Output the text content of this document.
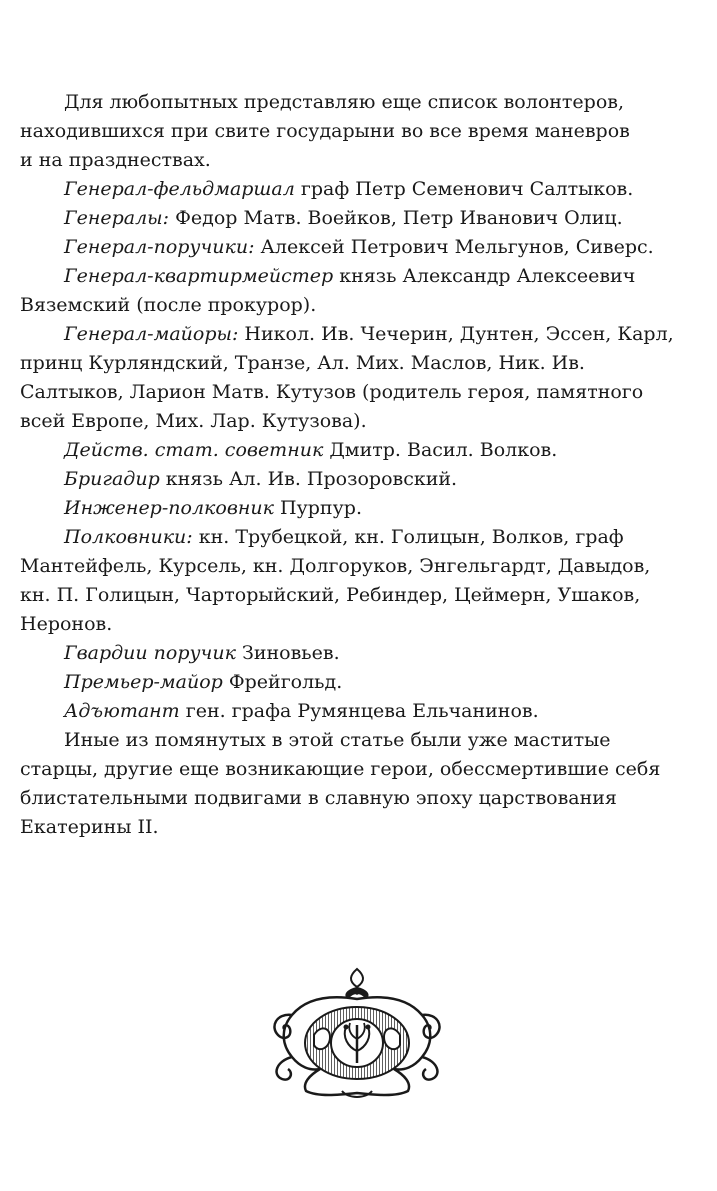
Для любопытных представляю еще список волонтеров,
находившихся при свите государыни во все время маневров
и на празднествах.

Генерал-фельдмаршал граф Петр Семенович Салтыков.

Генералы: Федор Матв. Воейков, Петр Иванович Олиц.

Генерал-поручики: Алексей Петрович Мельгунов, Сиверс.

Генерал-квартирмейстер князь Александр Алексеевич
Вяземский (после прокурор).

Генерал-майоры: Никол. Ив. Чечерин, Дунтен, Эссен, Карл,
принц Курляндский, Транзе, Ал. Мих. Маслов, Ник. Ив.
Салтыков, Ларион Матв. Кутузов (родитель героя, памятного
всей Европе, Мих. Лар. Кутузова).

Действ. стат. советник Дмитр. Васил. Волков.

Бригадир князь Ал. Ив. Прозоровский.

Инженер-полковник Пурпур.

Полковники: кн. Трубецкой, кн. Голицын, Волков, граф
Мантейфель, Курсель, кн. Долгоруков, Энгельгардт, Давыдов,
кн. П. Голицын, Чарторыйский, Ребиндер, Цеймерн, Ушаков,
Неронов.

Гвардии поручик Зиновьев.

Премьер-майор Фрейгольд.

Адъютант ген. графа Румянцева Ельчанинов.

Иные из помянутых в этой статье были уже маститые
старцы, другие еще возникающие герои, обессмертившие себя
блистательными подвигами в славную эпоху царствования
Екатерины II.
